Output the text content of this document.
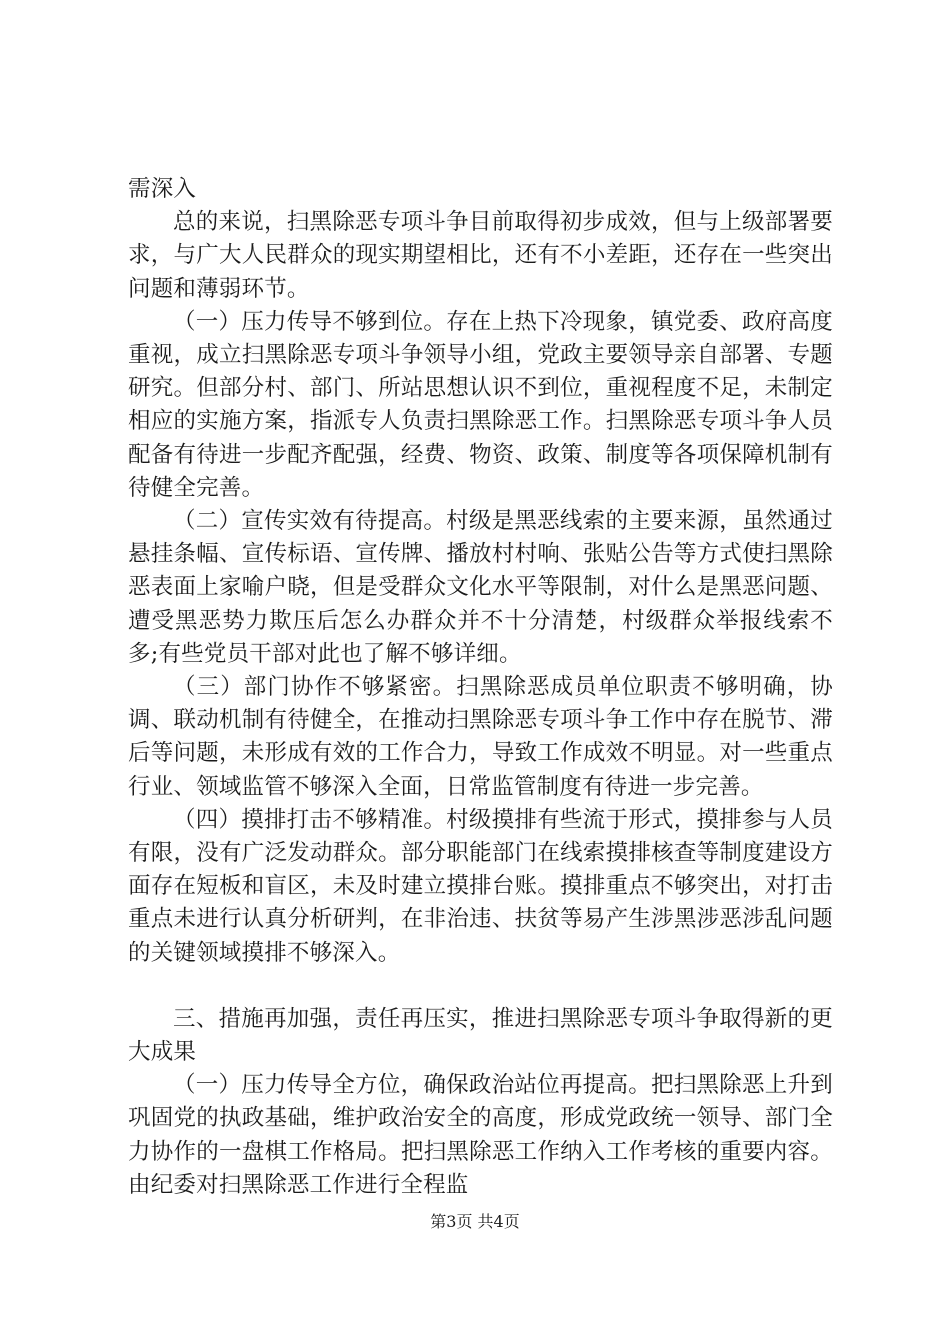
需深入

总的来说，扫黑除恶专项斗争目前取得初步成效，但与上级部署要求，与广大人民群众的现实期望相比，还有不小差距，还存在一些突出问题和薄弱环节。

（一）压力传导不够到位。存在上热下冷现象，镇党委、政府高度重视，成立扫黑除恶专项斗争领导小组，党政主要领导亲自部署、专题研究。但部分村、部门、所站思想认识不到位，重视程度不足，未制定相应的实施方案，指派专人负责扫黑除恶工作。扫黑除恶专项斗争人员配备有待进一步配齐配强，经费、物资、政策、制度等各项保障机制有待健全完善。

（二）宣传实效有待提高。村级是黑恶线索的主要来源，虽然通过悬挂条幅、宣传标语、宣传牌、播放村村响、张贴公告等方式使扫黑除恶表面上家喻户晓，但是受群众文化水平等限制，对什么是黑恶问题、遭受黑恶势力欺压后怎么办群众并不十分清楚，村级群众举报线索不多;有些党员干部对此也了解不够详细。

（三）部门协作不够紧密。扫黑除恶成员单位职责不够明确，协调、联动机制有待健全，在推动扫黑除恶专项斗争工作中存在脱节、滞后等问题，未形成有效的工作合力，导致工作成效不明显。对一些重点行业、领域监管不够深入全面，日常监管制度有待进一步完善。

（四）摸排打击不够精准。村级摸排有些流于形式，摸排参与人员有限，没有广泛发动群众。部分职能部门在线索摸排核查等制度建设方面存在短板和盲区，未及时建立摸排台账。摸排重点不够突出，对打击重点未进行认真分析研判，在非治违、扶贫等易产生涉黑涉恶涉乱问题的关键领域摸排不够深入。

三、措施再加强，责任再压实，推进扫黑除恶专项斗争取得新的更大成果

（一）压力传导全方位，确保政治站位再提高。把扫黑除恶上升到巩固党的执政基础，维护政治安全的高度，形成党政统一领导、部门全力协作的一盘棋工作格局。把扫黑除恶工作纳入工作考核的重要内容。由纪委对扫黑除恶工作进行全程监

第3页 共4页
